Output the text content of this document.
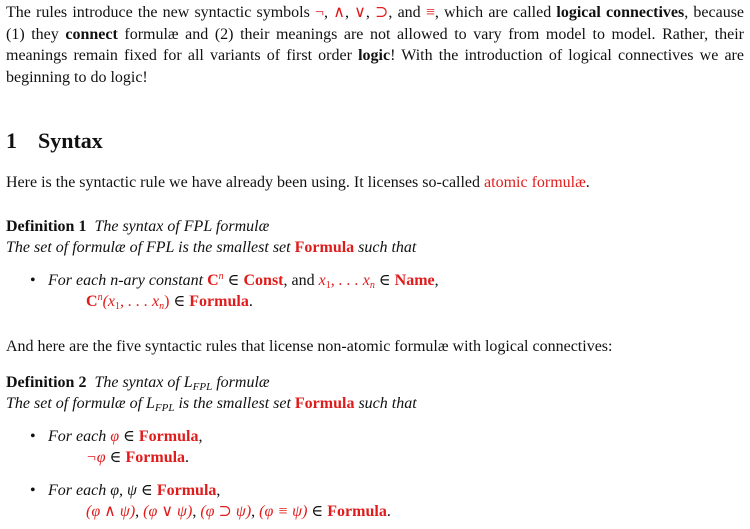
The rules introduce the new syntactic symbols ¬, ∧, ∨, ⊃, and ≡, which are called logical connectives, because (1) they connect formulæ and (2) their meanings are not allowed to vary from model to model. Rather, their meanings remain fixed for all variants of first order logic! With the introduction of logical connectives we are beginning to do logic!

1 Syntax

Here is the syntactic rule we have already been using. It licenses so-called atomic formulæ.

Definition 1 The syntax of FPL formulæ

The set of formulæ of FPL is the smallest set Formula such that

• For each n-ary constant $C^n$ ∈ Const, and $x_1$, . . . $x_n$ ∈ Name,

$C^n(x_1$, . . . $x_n$) ∈ Formula.

And here are the five syntactic rules that license non-atomic formulæ with logical connectives:

Definition 2 The syntax of $L_{FPL}$ formulæ

The set of formulæ of $L_{FPL}$ is the smallest set Formula such that

• For each φ ∈ Formula,

¬φ ∈ Formula.

• For each φ, ψ ∈ Formula,

(φ ∧ ψ), (φ ∨ ψ), (φ ⊃ ψ), (φ ≡ ψ) ∈ Formula.
